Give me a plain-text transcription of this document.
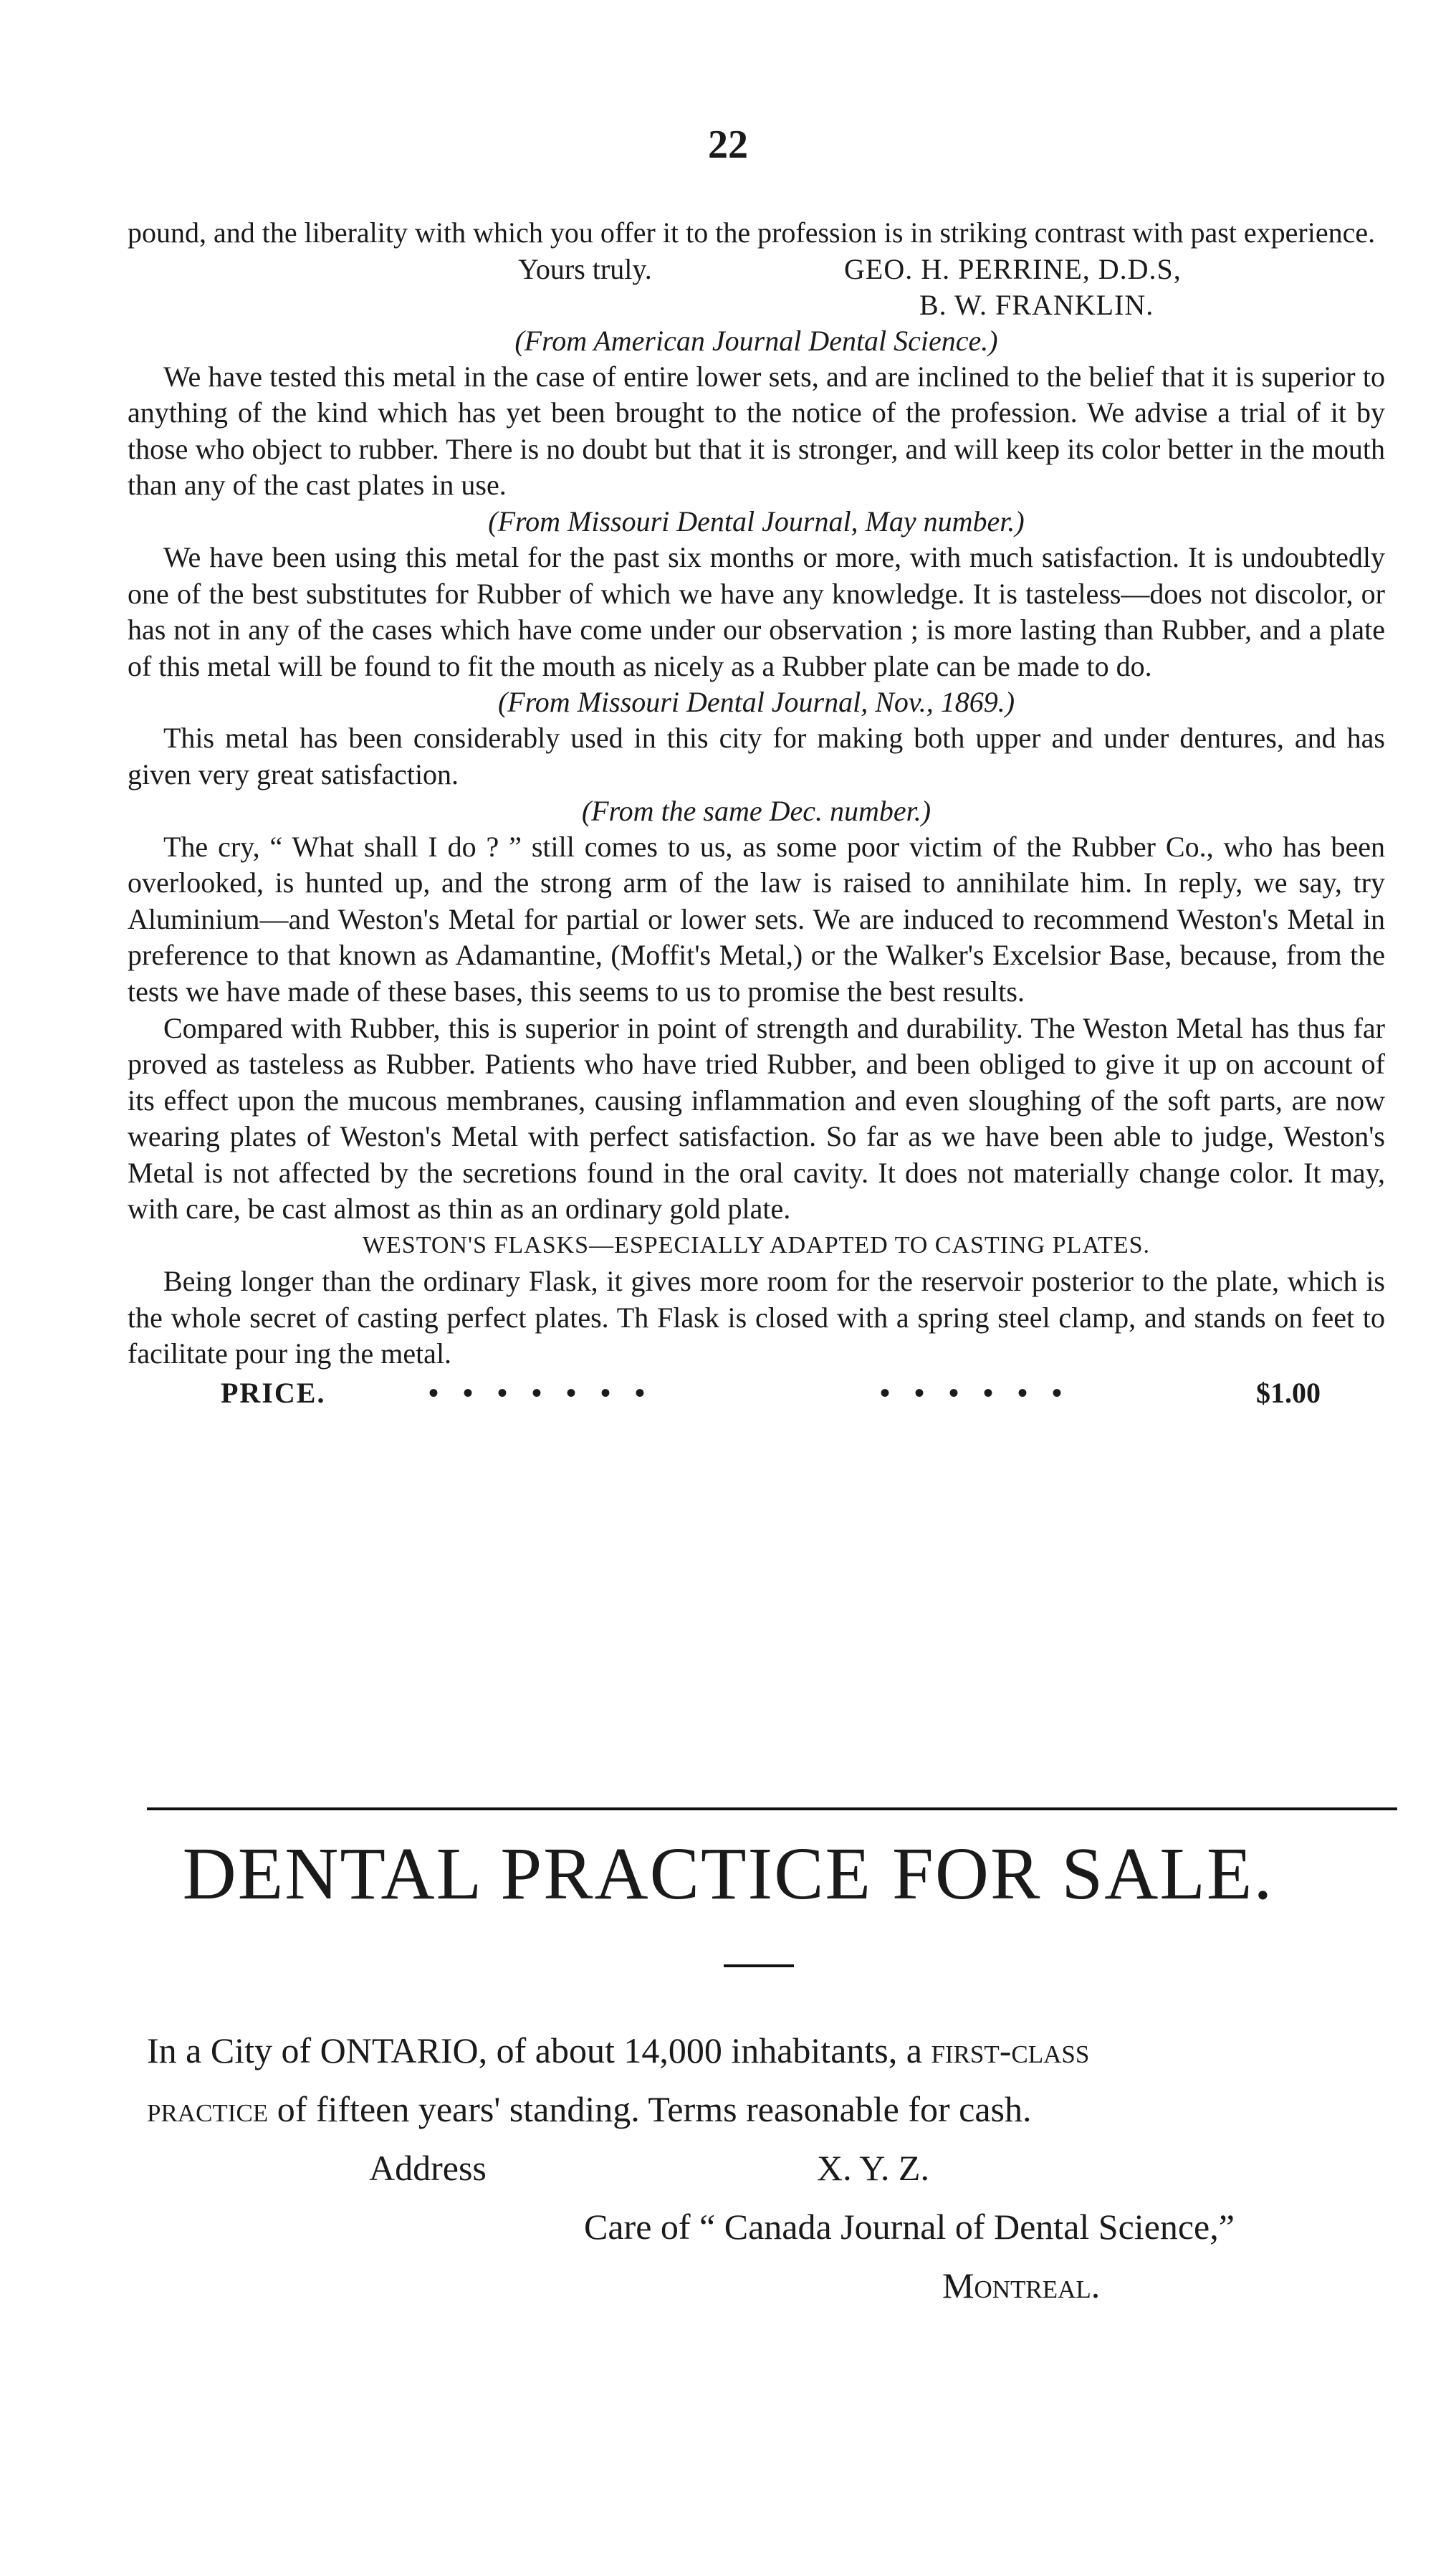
22

pound, and the liberality with which you offer it to the profession is in striking contrast with past experience.

Yours truly.	GEO. H. PERRINE, D.D.S,
B. W. FRANKLIN.

(From American Journal Dental Science.)

We have tested this metal in the case of entire lower sets, and are inclined to the belief that it is superior to anything of the kind which has yet been brought to the notice of the profession. We advise a trial of it by those who object to rubber. There is no doubt but that it is stronger, and will keep its color better in the mouth than any of the cast plates in use.

(From Missouri Dental Journal, May number.)

We have been using this metal for the past six months or more, with much satisfaction. It is undoubtedly one of the best substitutes for Rubber of which we have any knowledge. It is tasteless—does not discolor, or has not in any of the cases which have come under our observation ; is more lasting than Rubber, and a plate of this metal will be found to fit the mouth as nicely as a Rubber plate can be made to do.

(From Missouri Dental Journal, Nov., 1869.)

This metal has been considerably used in this city for making both upper and under dentures, and has given very great satisfaction.

(From the same Dec. number.)

The cry, “ What shall I do ? ” still comes to us, as some poor victim of the Rubber Co., who has been overlooked, is hunted up, and the strong arm of the law is raised to annihilate him. In reply, we say, try Aluminium—and Weston's Metal for partial or lower sets. We are induced to recommend Weston's Metal in preference to that known as Adamantine, (Moffit's Metal,) or the Walker's Excelsior Base, because, from the tests we have made of these bases, this seems to us to promise the best results.

Compared with Rubber, this is superior in point of strength and durability. The Weston Metal has thus far proved as tasteless as Rubber. Patients who have tried Rubber, and been obliged to give it up on account of its effect upon the mucous membranes, causing inflammation and even sloughing of the soft parts, are now wearing plates of Weston's Metal with perfect satisfaction. So far as we have been able to judge, Weston's Metal is not affected by the secretions found in the oral cavity. It does not materially change color. It may, with care, be cast almost as thin as an ordinary gold plate.

WESTON'S FLASKS—ESPECIALLY ADAPTED TO CASTING PLATES.

Being longer than the ordinary Flask, it gives more room for the reservoir posterior to the plate, which is the whole secret of casting perfect plates. Th Flask is closed with a spring steel clamp, and stands on feet to facilitate pour ing the metal.

PRICE.	•••••••	••••••	$1.00
DENTAL PRACTICE FOR SALE.

In a City of ONTARIO, of about 14,000 inhabitants, a first-class

practice of fifteen years' standing. Terms reasonable for cash.

Address	X. Y. Z.
Care of “ Canada Journal of Dental Science,”
Montreal.
